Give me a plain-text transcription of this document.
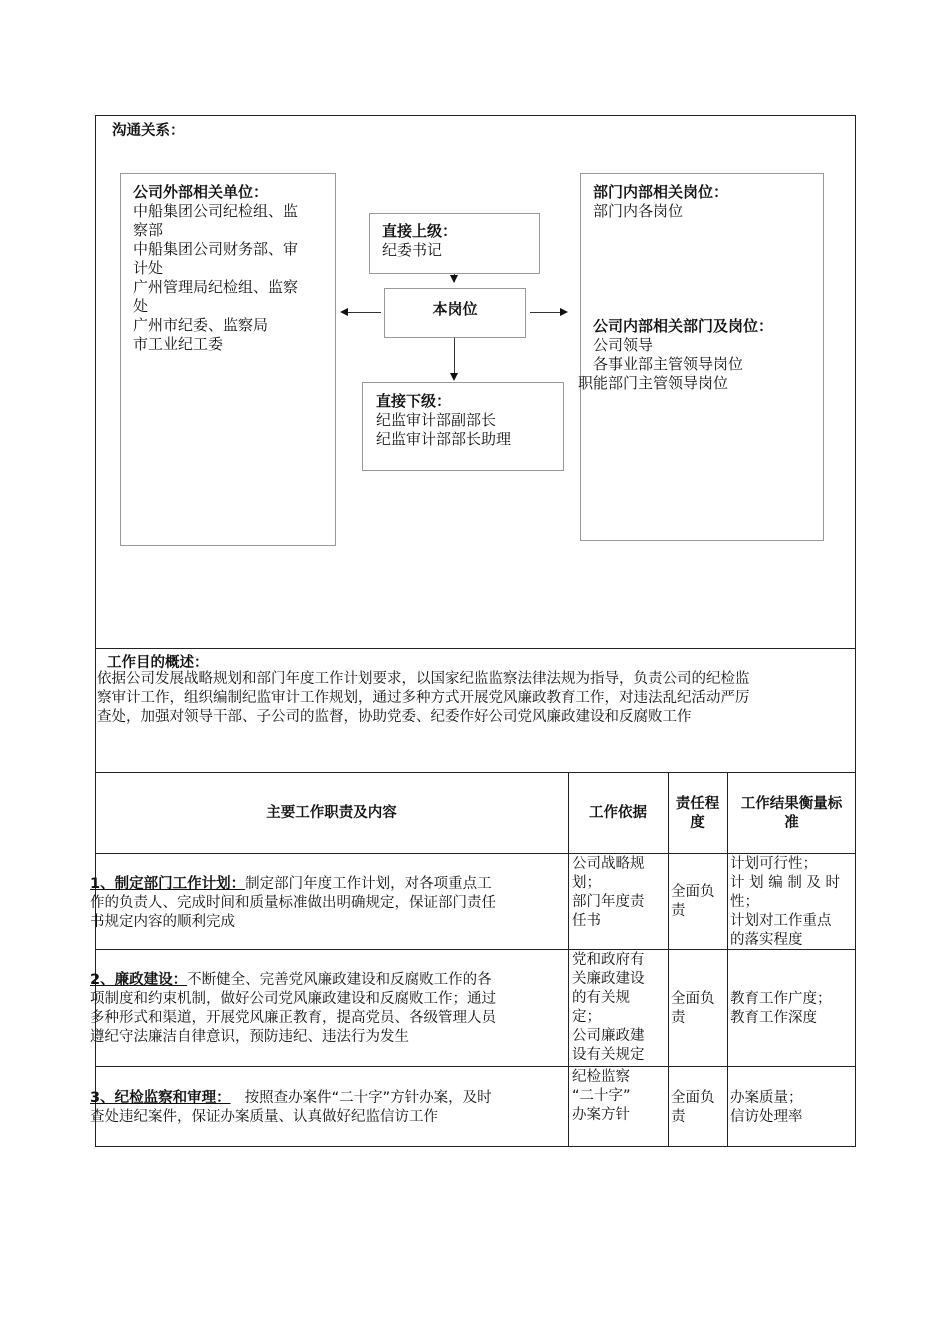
沟通关系：
公司外部相关单位：
中船集团公司纪检组、监
察部
中船集团公司财务部、审
计处
广州管理局纪检组、监察
处
广州市纪委、监察局
市工业纪工委
直接上级：
纪委书记
本岗位
直接下级：
纪监审计部副部长
纪监审计部部长助理
部门内部相关岗位：
部门内各岗位
公司内部相关部门及岗位：
公司领导
各事业部主管领导岗位
职能部门主管领导岗位
工作目的概述：
依据公司发展战略规划和部门年度工作计划要求，以国家纪监监察法律法规为指导，负责公司的纪检监
察审计工作，组织编制纪监审计工作规划，通过多种方式开展党风廉政教育工作，对违法乱纪活动严厉
查处，加强对领导干部、子公司的监督，协助党委、纪委作好公司党风廉政建设和反腐败工作
主要工作职责及内容	工作依据
责任程
度
工作结果衡量标
准
1、制定部门工作计划：制定部门年度工作计划，对各项重点工
作的负责人、完成时间和质量标准做出明确规定，保证部门责任
书规定内容的顺利完成
公司战略规
划；
部门年度责
任书
全面负
责
计划可行性；
计 划 编 制 及 时
性；
计划对工作重点
的落实程度
2、廉政建设：不断健全、完善党风廉政建设和反腐败工作的各
项制度和约束机制，做好公司党风廉政建设和反腐败工作；通过
多种形式和渠道，开展党风廉正教育，提高党员、各级管理人员
遵纪守法廉洁自律意识，预防违纪、违法行为发生
党和政府有
关廉政建设
的有关规
定；
公司廉政建
设有关规定
全面负
责
教育工作广度；
教育工作深度
3、纪检监察和审理： 按照查办案件“二十字”方针办案，及时
查处违纪案件，保证办案质量、认真做好纪监信访工作
纪检监察
“二十字”
办案方针
全面负
责
办案质量；
信访处理率
